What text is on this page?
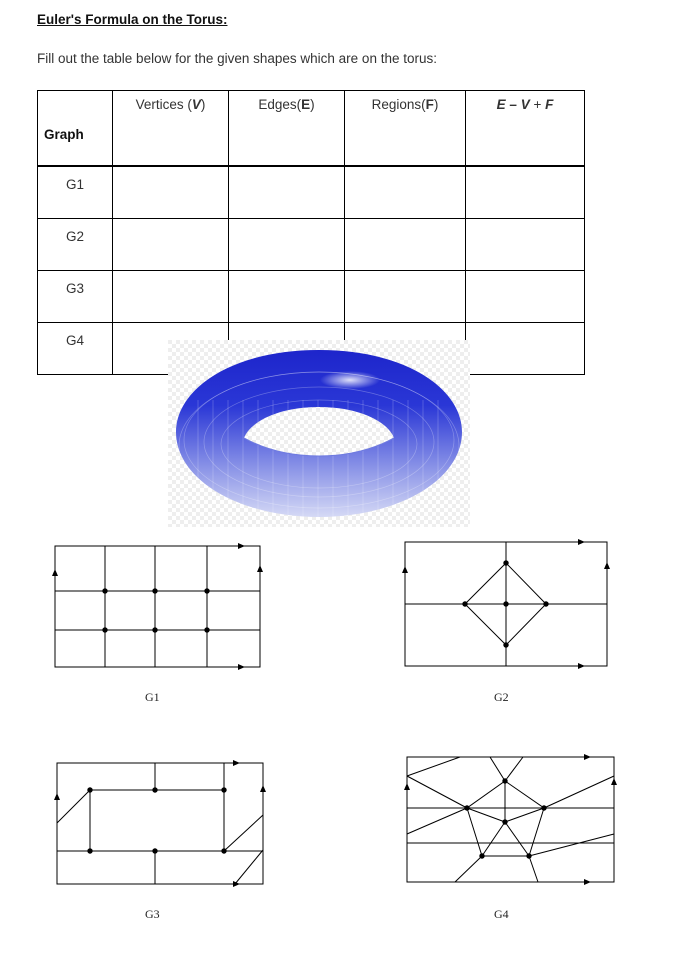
Euler's Formula on the Torus:
Fill out the table below for the given shapes which are on the torus:
Graph	Vertices (V)	Edges(E)	Regions(F)	E – V + F
G1				
G2				
G3				
G4				
G1	G2
G3	G4
